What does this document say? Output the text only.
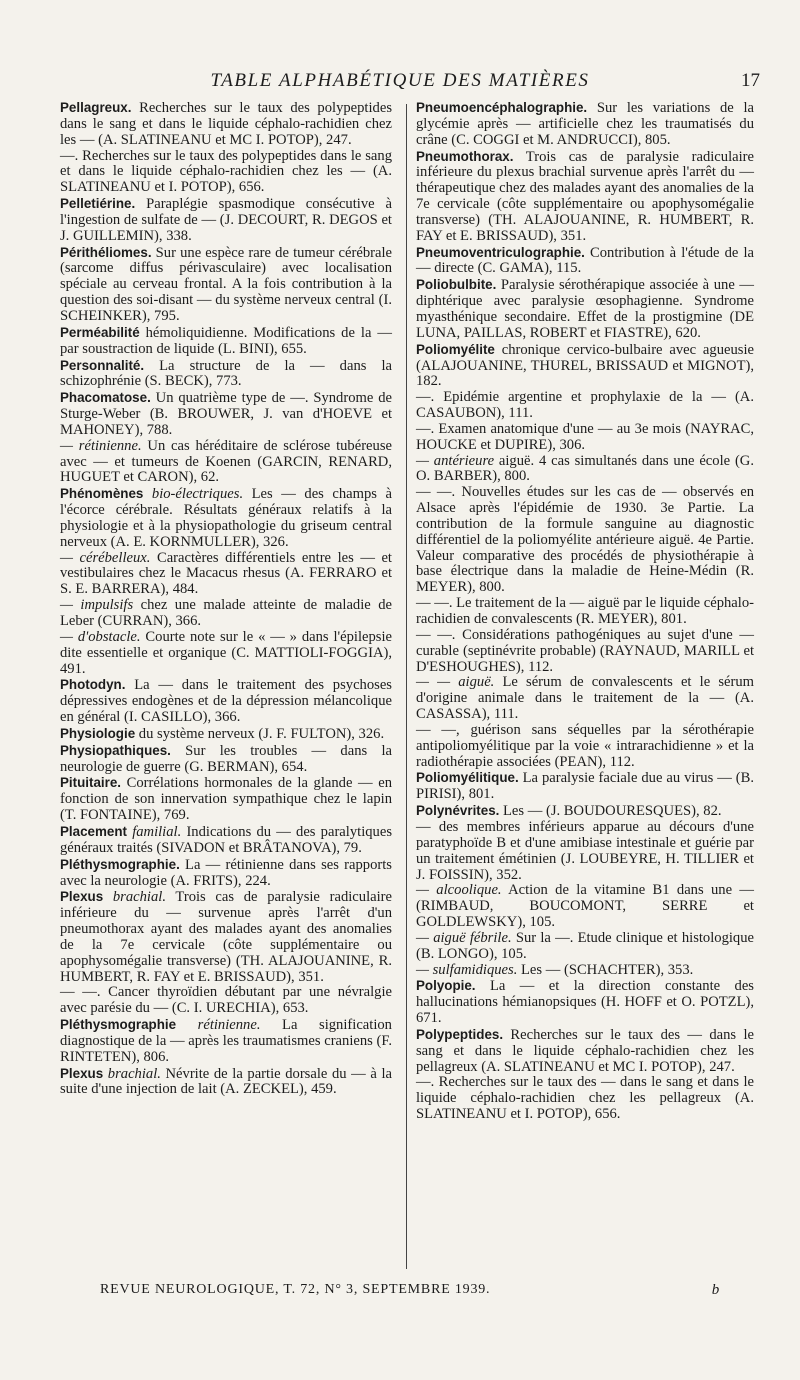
TABLE ALPHABÉTIQUE DES MATIÈRES	17

Pellagreux. Recherches sur le taux des polypeptides dans le sang et dans le liquide céphalo-rachidien chez les — (A. SLATINEANU et MC I. POTOP), 247.

—. Recherches sur le taux des polypeptides dans le sang et dans le liquide céphalo-rachidien chez les — (A. SLATINEANU et I. POTOP), 656.

Pelletiérine. Paraplégie spasmodique consécutive à l'ingestion de sulfate de — (J. DECOURT, R. DEGOS et J. GUILLEMIN), 338.

Périthéliomes. Sur une espèce rare de tumeur cérébrale (sarcome diffus périvasculaire) avec localisation spéciale au cerveau frontal. A la fois contribution à la question des soi-disant — du système nerveux central (I. SCHEINKER), 795.

Perméabilité hémoliquidienne. Modifications de la — par soustraction de liquide (L. BINI), 655.

Personnalité. La structure de la — dans la schizophrénie (S. BECK), 773.

Phacomatose. Un quatrième type de —. Syndrome de Sturge-Weber (B. BROUWER, J. van d'HOEVE et MAHONEY), 788.

— rétinienne. Un cas héréditaire de sclérose tubéreuse avec — et tumeurs de Koenen (GARCIN, RENARD, HUGUET et CARON), 62.

Phénomènes bio-électriques. Les — des champs à l'écorce cérébrale. Résultats généraux relatifs à la physiologie et à la physiopathologie du griseum central nerveux (A. E. KORNMULLER), 326.

— cérébelleux. Caractères différentiels entre les — et vestibulaires chez le Macacus rhesus (A. FERRARO et S. E. BARRERA), 484.

— impulsifs chez une malade atteinte de maladie de Leber (CURRAN), 366.

— d'obstacle. Courte note sur le « — » dans l'épilepsie dite essentielle et organique (C. MATTIOLI-FOGGIA), 491.

Photodyn. La — dans le traitement des psychoses dépressives endogènes et de la dépression mélancolique en général (I. CASILLO), 366.

Physiologie du système nerveux (J. F. FULTON), 326.

Physiopathiques. Sur les troubles — dans la neurologie de guerre (G. BERMAN), 654.

Pituitaire. Corrélations hormonales de la glande — en fonction de son innervation sympathique chez le lapin (T. FONTAINE), 769.

Placement familial. Indications du — des paralytiques généraux traités (SIVADON et BRÂTANOVA), 79.

Pléthysmographie. La — rétinienne dans ses rapports avec la neurologie (A. FRITS), 224.

Plexus brachial. Trois cas de paralysie radiculaire inférieure du — survenue après l'arrêt d'un pneumothorax ayant des malades ayant des anomalies de la 7e cervicale (côte supplémentaire ou apophysomégalie transverse) (TH. ALAJOUANINE, R. HUMBERT, R. FAY et E. BRISSAUD), 351.

— —. Cancer thyroïdien débutant par une névralgie avec parésie du — (C. I. URECHIA), 653.

Pléthysmographie rétinienne. La signification diagnostique de la — après les traumatismes craniens (F. RINTETEN), 806.

Plexus brachial. Névrite de la partie dorsale du — à la suite d'une injection de lait (A. ZECKEL), 459.

Pneumoencéphalographie. Sur les variations de la glycémie après — artificielle chez les traumatisés du crâne (C. COGGI et M. ANDRUCCI), 805.

Pneumothorax. Trois cas de paralysie radiculaire inférieure du plexus brachial survenue après l'arrêt du — thérapeutique chez des malades ayant des anomalies de la 7e cervicale (côte supplémentaire ou apophysomégalie transverse) (TH. ALAJOUANINE, R. HUMBERT, R. FAY et E. BRISSAUD), 351.

Pneumoventriculographie. Contribution à l'étude de la — directe (C. GAMA), 115.

Poliobulbite. Paralysie sérothérapique associée à une — diphtérique avec paralysie œsophagienne. Syndrome myasthénique secondaire. Effet de la prostigmine (DE LUNA, PAILLAS, ROBERT et FIASTRE), 620.

Poliomyélite chronique cervico-bulbaire avec agueusie (ALAJOUANINE, THUREL, BRISSAUD et MIGNOT), 182.

—. Epidémie argentine et prophylaxie de la — (A. CASAUBON), 111.

—. Examen anatomique d'une — au 3e mois (NAYRAC, HOUCKE et DUPIRE), 306.

— antérieure aiguë. 4 cas simultanés dans une école (G. O. BARBER), 800.

— —. Nouvelles études sur les cas de — observés en Alsace après l'épidémie de 1930. 3e Partie. La contribution de la formule sanguine au diagnostic différentiel de la poliomyélite antérieure aiguë. 4e Partie. Valeur comparative des procédés de physiothérapie à base électrique dans la maladie de Heine-Médin (R. MEYER), 800.

— —. Le traitement de la — aiguë par le liquide céphalo-rachidien de convalescents (R. MEYER), 801.

— —. Considérations pathogéniques au sujet d'une — curable (septinévrite probable) (RAYNAUD, MARILL et D'ESHOUGHES), 112.

— — aiguë. Le sérum de convalescents et le sérum d'origine animale dans le traitement de la — (A. CASASSA), 111.

— —, guérison sans séquelles par la sérothérapie antipoliomyélitique par la voie « intrarachidienne » et la radiothérapie associées (PEAN), 112.

Poliomyélitique. La paralysie faciale due au virus — (B. PIRISI), 801.

Polynévrites. Les — (J. BOUDOURESQUES), 82.

— des membres inférieurs apparue au décours d'une paratyphoïde B et d'une amibiase intestinale et guérie par un traitement émétinien (J. LOUBEYRE, H. TILLIER et J. FOISSIN), 352.

— alcoolique. Action de la vitamine B1 dans une — (RIMBAUD, BOUCOMONT, SERRE et GOLDLEWSKY), 105.

— aiguë fébrile. Sur la —. Etude clinique et histologique (B. LONGO), 105.

— sulfamidiques. Les — (SCHACHTER), 353.

Polyopie. La — et la direction constante des hallucinations hémianopsiques (H. HOFF et O. POTZL), 671.

Polypeptides. Recherches sur le taux des — dans le sang et dans le liquide céphalo-rachidien chez les pellagreux (A. SLATINEANU et MC I. POTOP), 247.

—. Recherches sur le taux des — dans le sang et dans le liquide céphalo-rachidien chez les pellagreux (A. SLATINEANU et I. POTOP), 656.

REVUE NEUROLOGIQUE, T. 72, N° 3, SEPTEMBRE 1939.	b
